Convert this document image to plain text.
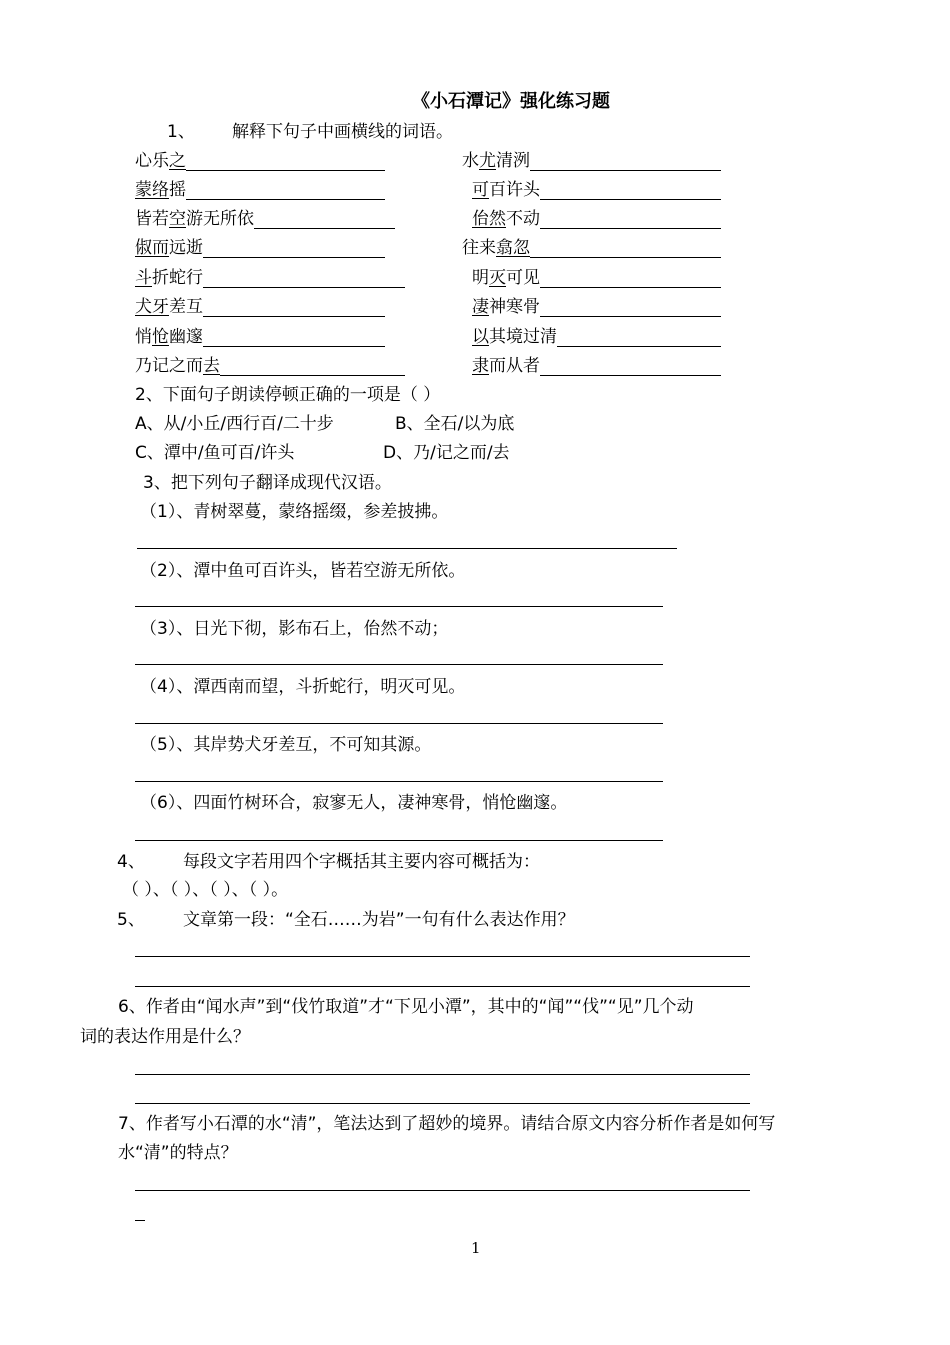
《小石潭记》强化练习题
1、 解释下句子中画横线的词语。
心乐之	水尤清洌
蒙络摇	可百许头
皆若空游无所依	佁然不动
俶而远逝	往来翕忽
斗折蛇行	明灭可见
犬牙差互	凄神寒骨
悄怆幽邃	以其境过清
乃记之而去	隶而从者
2、下面句子朗读停顿正确的一项是（ ）
A、从/小丘/西行百/二十步	B、全石/以为底
C、潭中/鱼可百/许头	D、乃/记之而/去
3、把下列句子翻译成现代汉语。
（1）、青树翠蔓，蒙络摇缀，参差披拂。
（2）、潭中鱼可百许头，皆若空游无所依。
（3）、日光下彻，影布石上，佁然不动；
（4）、潭西南而望，斗折蛇行，明灭可见。
（5）、其岸势犬牙差互，不可知其源。
（6）、四面竹树环合，寂寥无人，凄神寒骨，悄怆幽邃。
4、 每段文字若用四个字概括其主要内容可概括为：
（ ）、（ ）、（ ）、（ ）。
5、 文章第一段：“全石……为岩”一句有什么表达作用？
6、作者由“闻水声”到“伐竹取道”才“下见小潭”，其中的“闻”“伐”“见”几个动
词的表达作用是什么？
7、作者写小石潭的水“清”，笔法达到了超妙的境界。请结合原文内容分析作者是如何写
水“清”的特点？
1
